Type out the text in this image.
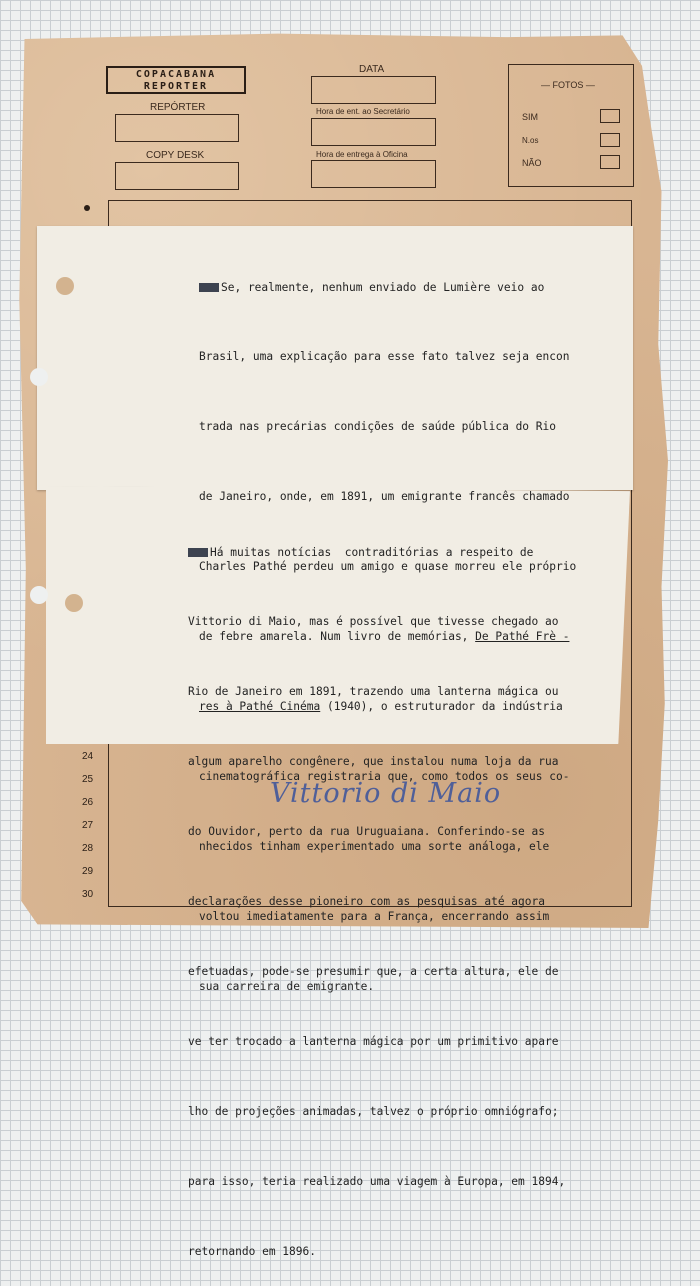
COPACABANA
REPORTER
REPÓRTER
COPY DESK
DATA
Hora de ent. ao Secretário
Hora de entrega à Oficina
— FOTOS —
SIM
N.os
NÃO
24
25
26
27
28
29
30

Se, realmente, nenhum enviado de Lumière veio ao

Brasil, uma explicação para esse fato talvez seja encon

trada nas precárias condições de saúde pública do Rio

de Janeiro, onde, em 1891, um emigrante francês chamado

Charles Pathé perdeu um amigo e quase morreu ele próprio

de febre amarela. Num livro de memórias, De Pathé Frè -

res à Pathé Cinéma (1940), o estruturador da indústria

cinematográfica registraria que, como todos os seus co-

nhecidos tinham experimentado uma sorte análoga, ele

voltou imediatamente para a França, encerrando assim

sua carreira de emigrante.

Há muitas notícias  contraditórias a respeito de

Vittorio di Maio, mas é possível que tivesse chegado ao

Rio de Janeiro em 1891, trazendo uma lanterna mágica ou

algum aparelho congênere, que instalou numa loja da rua

do Ouvidor, perto da rua Uruguaiana. Conferindo-se as

declarações desse pioneiro com as pesquisas até agora

efetuadas, pode-se presumir que, a certa altura, ele de

ve ter trocado a lanterna mágica por um primitivo apare

lho de projeções animadas, talvez o próprio omniógrafo;

para isso, teria realizado uma viagem à Europa, em 1894,

retornando em 1896.

Vittorio di Maio
